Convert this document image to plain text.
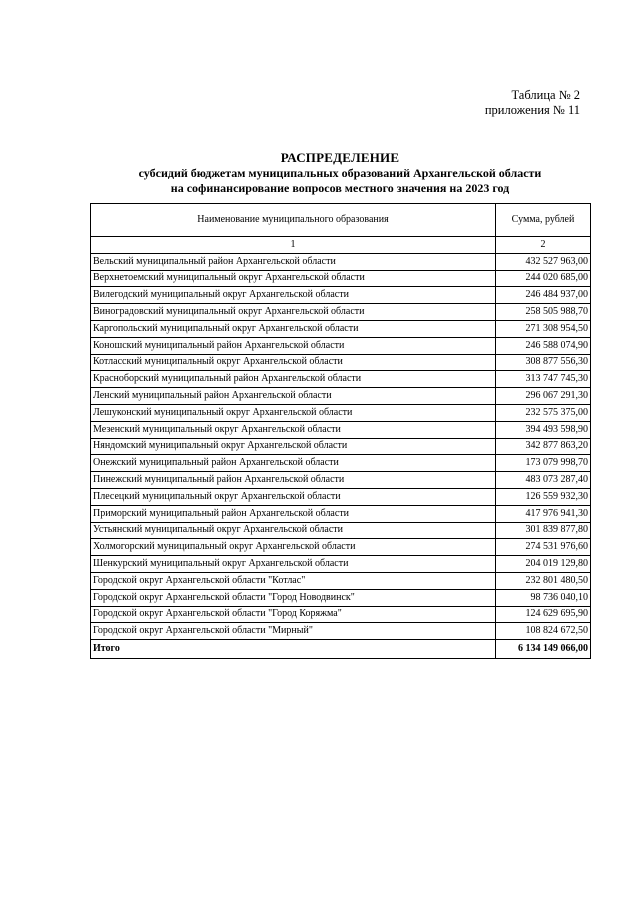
Таблица № 2
приложения № 11
РАСПРЕДЕЛЕНИЕ
субсидий бюджетам муниципальных образований Архангельской области
на софинансирование вопросов местного значения на 2023 год
Наименование муниципального образования	Сумма, рублей
1	2
Вельский муниципальный район Архангельской области	432 527 963,00
Верхнетоемский муниципальный округ Архангельской области	244 020 685,00
Вилегодский муниципальный округ Архангельской области	246 484 937,00
Виноградовский муниципальный округ Архангельской области	258 505 988,70
Каргопольский муниципальный округ Архангельской области	271 308 954,50
Коношский муниципальный район Архангельской области	246 588 074,90
Котласский муниципальный округ Архангельской области	308 877 556,30
Красноборский муниципальный район Архангельской области	313 747 745,30
Ленский муниципальный район Архангельской области	296 067 291,30
Лешуконский муниципальный округ Архангельской области	232 575 375,00
Мезенский муниципальный округ Архангельской области	394 493 598,90
Няндомский муниципальный округ Архангельской области	342 877 863,20
Онежский муниципальный район Архангельской области	173 079 998,70
Пинежский муниципальный район Архангельской области	483 073 287,40
Плесецкий муниципальный округ Архангельской области	126 559 932,30
Приморский муниципальный район Архангельской области	417 976 941,30
Устьянский муниципальный округ Архангельской области	301 839 877,80
Холмогорский муниципальный округ Архангельской области	274 531 976,60
Шенкурский муниципальный округ Архангельской области	204 019 129,80
Городской округ Архангельской области "Котлас"	232 801 480,50
Городской округ Архангельской области "Город Новодвинск"	98 736 040,10
Городской округ Архангельской области "Город Коряжма"	124 629 695,90
Городской округ Архангельской области "Мирный"	108 824 672,50
Итого	6 134 149 066,00
